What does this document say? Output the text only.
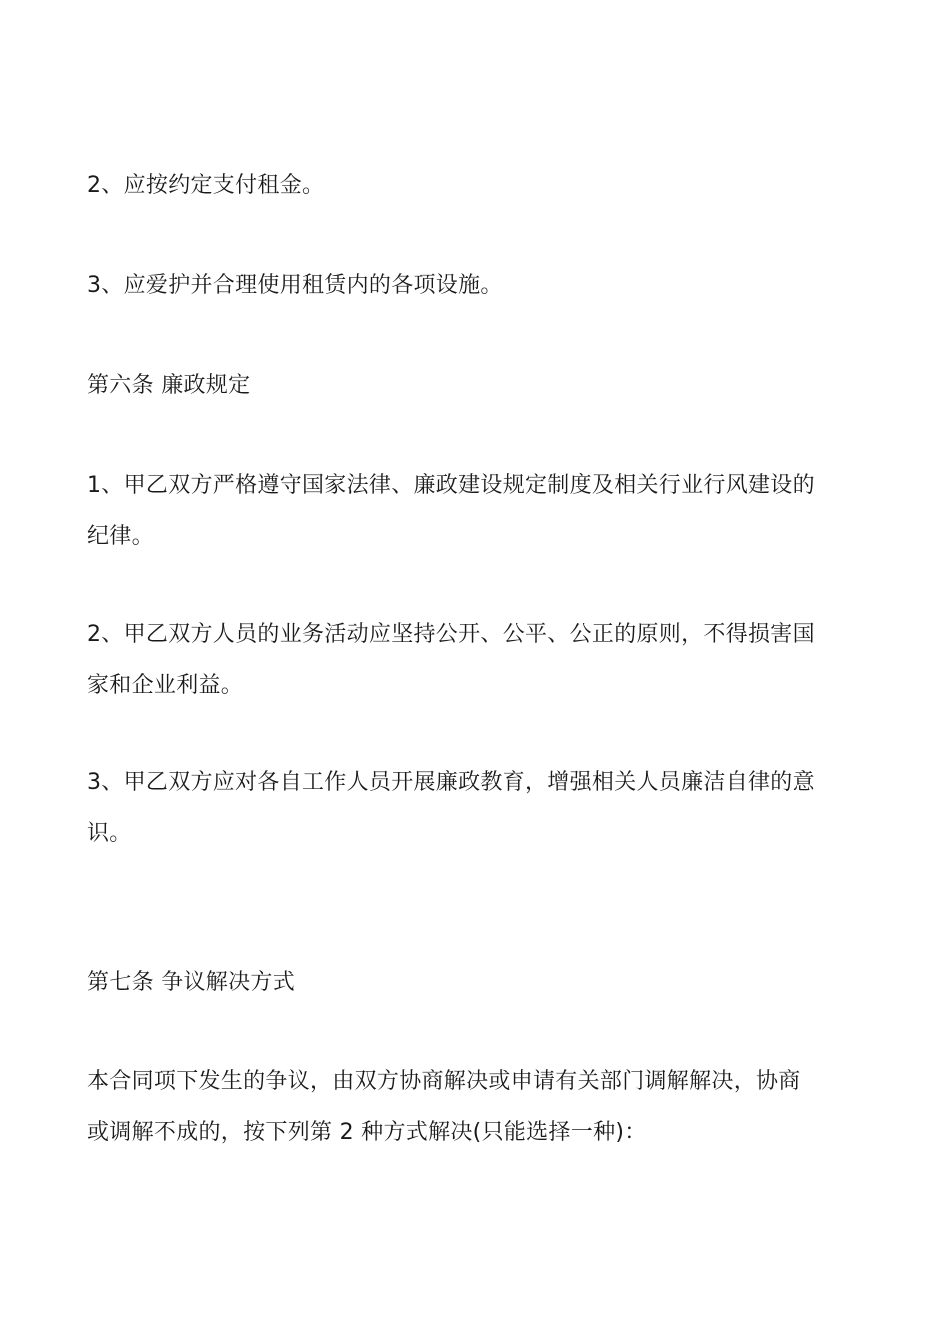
2、应按约定支付租金。

3、应爱护并合理使用租赁内的各项设施。

第六条 廉政规定

1、甲乙双方严格遵守国家法律、廉政建设规定制度及相关行业行风建设的
纪律。

2、甲乙双方人员的业务活动应坚持公开、公平、公正的原则，不得损害国
家和企业利益。

3、甲乙双方应对各自工作人员开展廉政教育，增强相关人员廉洁自律的意
识。

第七条 争议解决方式

本合同项下发生的争议，由双方协商解决或申请有关部门调解解决，协商
或调解不成的，按下列第 2 种方式解决(只能选择一种)：
